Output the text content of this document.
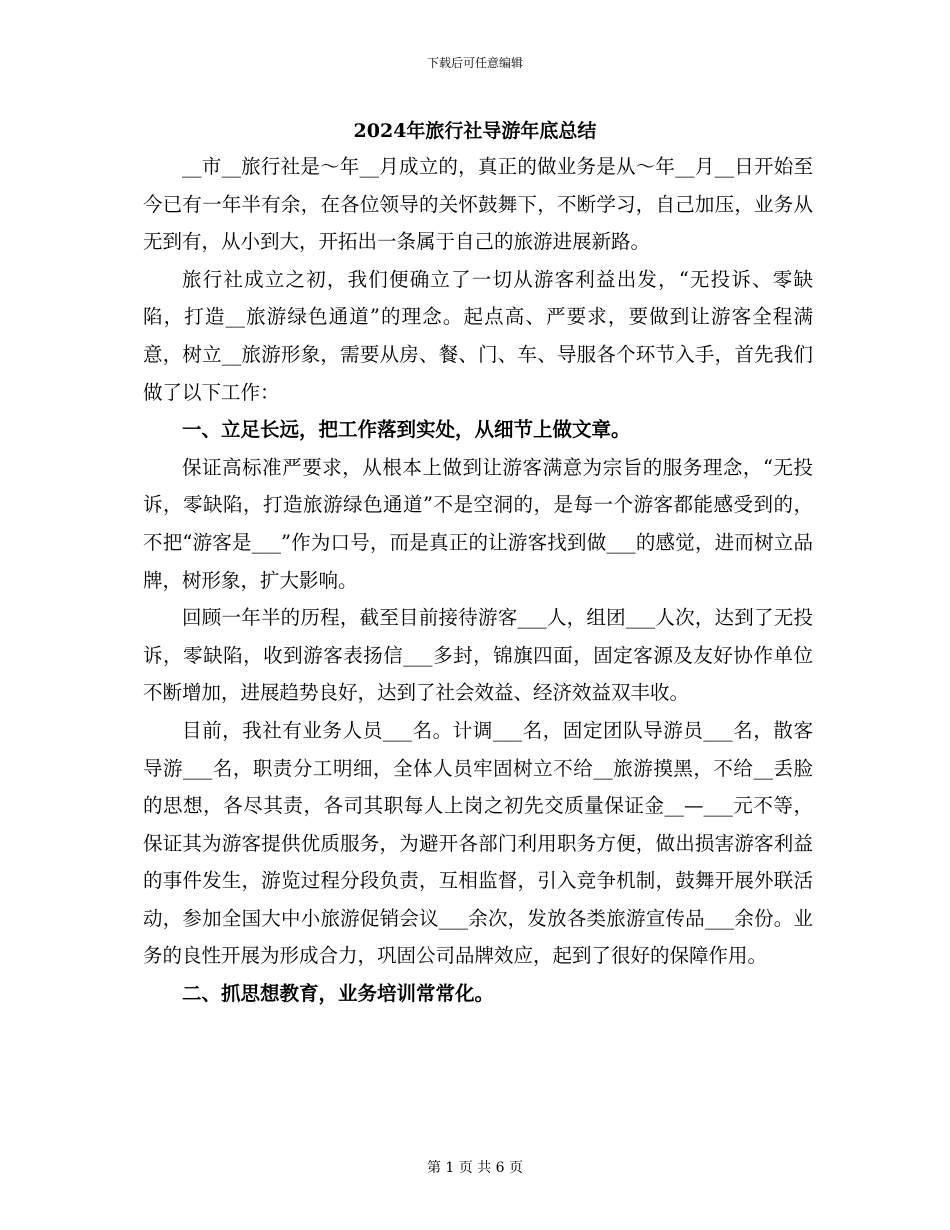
下载后可任意编辑
2024年旅行社导游年底总结

__市__旅行社是～年__月成立的，真正的做业务是从～年__月__日开始至今已有一年半有余，在各位领导的关怀鼓舞下，不断学习，自己加压，业务从无到有，从小到大，开拓出一条属于自己的旅游进展新路。

旅行社成立之初，我们便确立了一切从游客利益出发，“无投诉、零缺陷，打造__旅游绿色通道”的理念。起点高、严要求，要做到让游客全程满意，树立__旅游形象，需要从房、餐、门、车、导服各个环节入手，首先我们做了以下工作：

一、立足长远，把工作落到实处，从细节上做文章。

保证高标准严要求，从根本上做到让游客满意为宗旨的服务理念，“无投诉，零缺陷，打造旅游绿色通道”不是空洞的，是每一个游客都能感受到的，不把“游客是___”作为口号，而是真正的让游客找到做___的感觉，进而树立品牌，树形象，扩大影响。

回顾一年半的历程，截至目前接待游客___人，组团___人次，达到了无投诉，零缺陷，收到游客表扬信___多封，锦旗四面，固定客源及友好协作单位不断增加，进展趋势良好，达到了社会效益、经济效益双丰收。

目前，我社有业务人员___名。计调___名，固定团队导游员___名，散客导游___名，职责分工明细，全体人员牢固树立不给__旅游摸黑，不给__丢脸的思想，各尽其责，各司其职每人上岗之初先交质量保证金__—___元不等，保证其为游客提供优质服务，为避开各部门利用职务方便，做出损害游客利益的事件发生，游览过程分段负责，互相监督，引入竞争机制，鼓舞开展外联活动，参加全国大中小旅游促销会议___余次，发放各类旅游宣传品___余份。业务的良性开展为形成合力，巩固公司品牌效应，起到了很好的保障作用。

二、抓思想教育，业务培训常常化。

第 1 页 共 6 页
